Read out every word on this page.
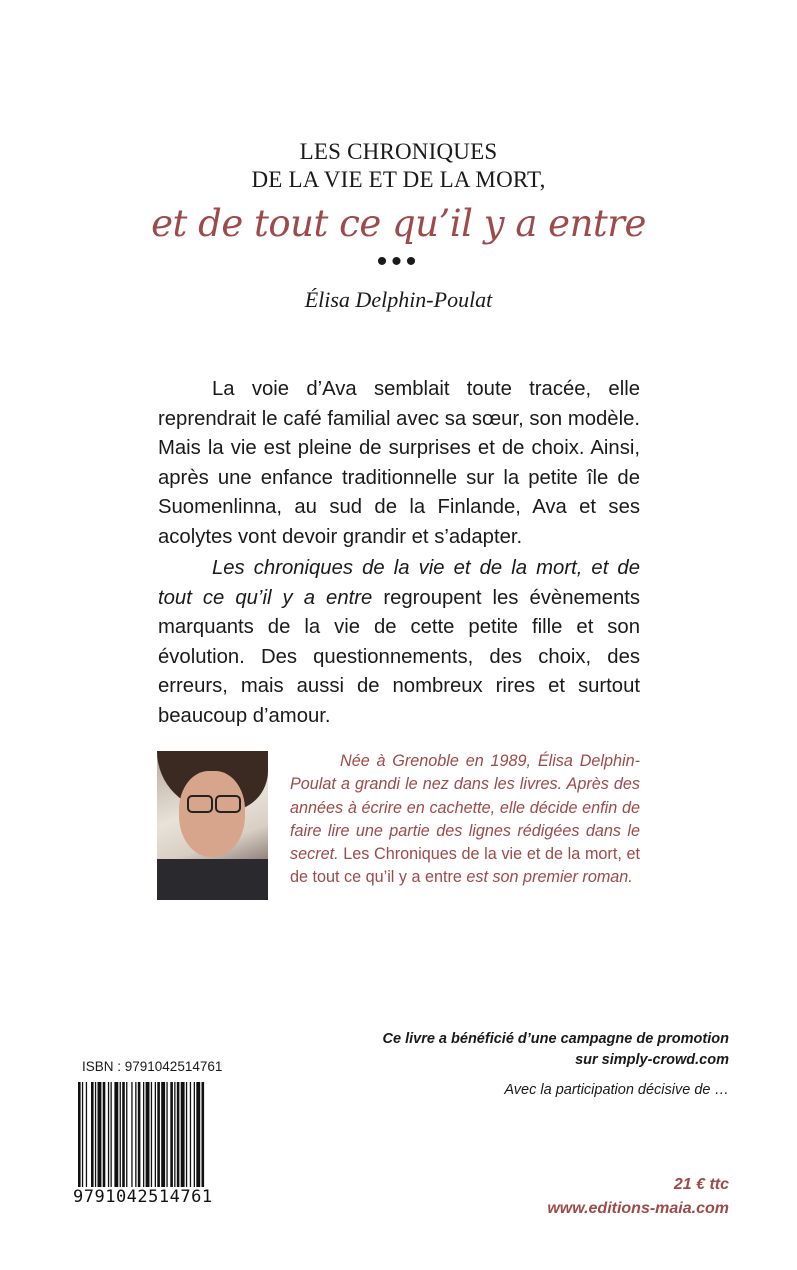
LES CHRONIQUES
DE LA VIE ET DE LA MORT,
et de tout ce qu’il y a entre
•••
Élisa Delphin-Poulat

La voie d’Ava semblait toute tracée, elle reprendrait le café familial avec sa sœur, son modèle. Mais la vie est pleine de surprises et de choix. Ainsi, après une enfance traditionnelle sur la petite île de Suomenlinna, au sud de la Finlande, Ava et ses acolytes vont devoir grandir et s’adapter.

Les chroniques de la vie et de la mort, et de tout ce qu’il y a entre regroupent les évènements marquants de la vie de cette petite fille et son évolution. Des questionnements, des choix, des erreurs, mais aussi de nombreux rires et surtout beaucoup d’amour.

Née à Grenoble en 1989, Élisa Delphin-Poulat a grandi le nez dans les livres. Après des années à écrire en cachette, elle décide enfin de faire lire une partie des lignes rédigées dans le secret. Les Chroniques de la vie et de la mort, et de tout ce qu’il y a entre est son premier roman.

Ce livre a bénéficié d’une campagne de promotion
sur simply-crowd.com
Avec la participation décisive de …
ISBN : 9791042514761
9791042514761
21 € ttc
www.editions-maia.com
